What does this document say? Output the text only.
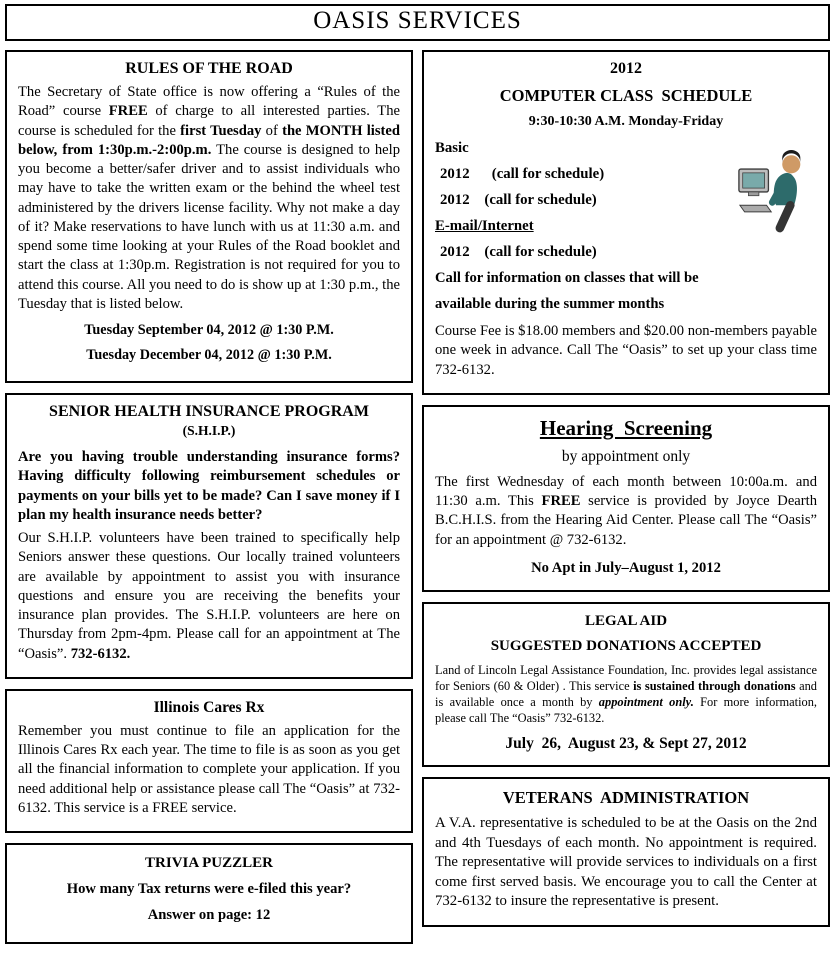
OASIS SERVICES
RULES OF THE ROAD

The Secretary of State office is now offering a “Rules of the Road” course FREE of charge to all interested parties. The course is scheduled for the first Tuesday of the MONTH listed below, from 1:30p.m.-2:00p.m. The course is designed to help you become a better/safer driver and to assist individuals who may have to take the written exam or the behind the wheel test administered by the drivers license facility. Why not make a day of it? Make reservations to have lunch with us at 11:30 a.m. and spend some time looking at your Rules of the Road booklet and start the class at 1:30p.m. Registration is not required for you to attend this course. All you need to do is show up at 1:30 p.m., the Tuesday that is listed below.

Tuesday September 04, 2012 @ 1:30 P.M.
Tuesday December 04, 2012 @ 1:30 P.M.
SENIOR HEALTH INSURANCE PROGRAM
(S.H.I.P.)

Are you having trouble understanding insurance forms? Having difficulty following reimbursement schedules or payments on your bills yet to be made? Can I save money if I plan my health insurance needs better?

Our S.H.I.P. volunteers have been trained to specifically help Seniors answer these questions. Our locally trained volunteers are available by appointment to assist you with insurance questions and ensure you are receiving the benefits your insurance plan provides. The S.H.I.P. volunteers are here on Thursday from 2pm-4pm. Please call for an appointment at The “Oasis”. 732-6132.

Illinois Cares Rx

Remember you must continue to file an application for the Illinois Cares Rx each year. The time to file is as soon as you get all the financial information to complete your application. If you need additional help or assistance please call The “Oasis” at 732-6132. This service is a FREE service.

TRIVIA PUZZLER
How many Tax returns were e-filed this year?
Answer on page: 12
2012
COMPUTER CLASS  SCHEDULE
9:30-10:30 A.M. Monday-Friday
Basic
2012      (call for schedule)
2012    (call for schedule)
E-mail/Internet
2012    (call for schedule)
Call for information on classes that will be
available during the summer months

Course Fee is $18.00 members and $20.00 non-members payable one week in advance. Call The “Oasis” to set up your class time 732-6132.

Hearing  Screening
by appointment only

The first Wednesday of each month between 10:00a.m. and 11:30 a.m. This FREE service is provided by Joyce Dearth B.C.H.I.S. from the Hearing Aid Center. Please call The “Oasis” for an appointment @ 732-6132.

No Apt in July–August 1, 2012
LEGAL AID
SUGGESTED DONATIONS ACCEPTED

Land of Lincoln Legal Assistance Foundation, Inc. provides legal assistance for Seniors (60 & Older) . This service is sustained through donations and is available once a month by appointment only. For more information, please call The “Oasis” 732-6132.

July  26,  August 23, & Sept 27, 2012
VETERANS  ADMINISTRATION

A V.A. representative is scheduled to be at the Oasis on the 2nd and 4th Tuesdays of each month. No appointment is required. The representative will provide services to individuals on a first come first served basis. We encourage you to call the Center at 732-6132 to insure the representative is present.
